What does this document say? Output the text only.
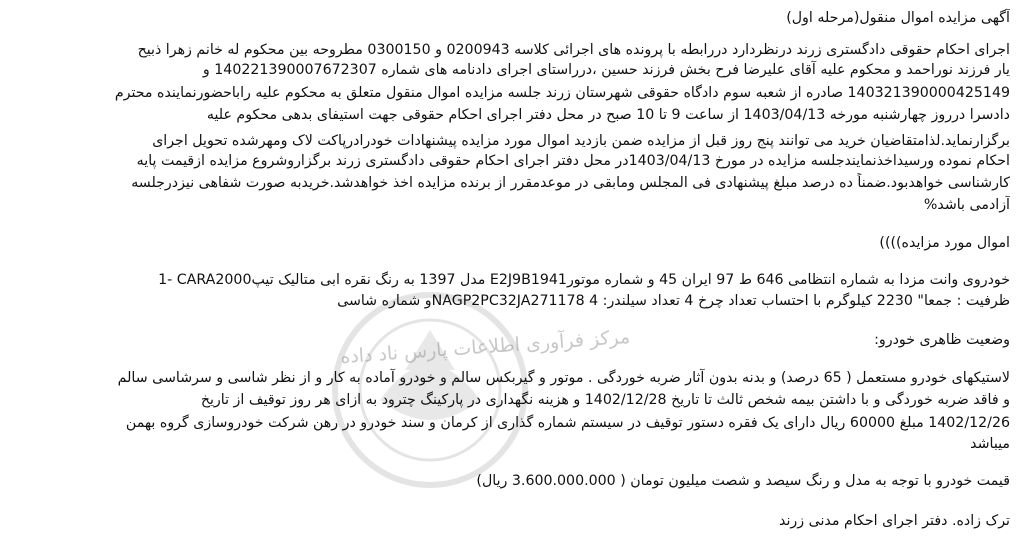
مرکز فرآوری اطلاعات پارس ناد داده
آگهی مزایده اموال منقول(مرحله اول)
اجرای احکام حقوقی دادگستری زرند درنظردارد دررابطه با پرونده های اجرائی کلاسه 0200943 و 0300150 مطروحه بین محکوم له خانم زهرا ذبیح
یار فرزند نوراحمد و محکوم علیه آقای علیرضا فرح بخش فرزند حسین ،درراستای اجرای دادنامه های شماره 140221390007672307 و
140321390000425149 صادره از شعبه سوم دادگاه حقوقی شهرستان زرند جلسه مزایده اموال منقول متعلق به محکوم علیه راباحضورنماینده محترم
دادسرا درروز چهارشنبه مورخه 1403/04/13 از ساعت 9 تا 10 صبح در محل دفتر اجرای احکام حقوقی جهت استیفای بدهی محکوم علیه
برگزارنماید.لذامتقاضیان خرید می توانند پنج روز قبل از مزایده ضمن بازدید اموال مورد مزایده پیشنهادات خودرادرپاکت لاک ومهرشده تحویل اجرای
احکام نموده ورسیداخذنمایندجلسه مزایده در مورخ 1403/04/13در محل دفتر اجرای احکام حقوقی دادگستری زرند برگزاروشروع مزایده ازقیمت پایه
کارشناسی خواهدبود.ضمناً ده درصد مبلغ پیشنهادی فی المجلس ومابقی در موعدمقرر از برنده مزایده اخذ خواهدشد.خریدبه صورت شفاهی نیزدرجلسه
آزادمی باشد%
اموال مورد مزایده))))
1- CARA2000مدل 1397 به رنگ نقره ابی متالیک تیپ E2J9B1941خودروی وانت مزدا به شماره انتظامی 646 ط 97 ایران 45 و شماره موتور
ظرفیت : جمعا" 2230 کیلوگرم با احتساب تعداد چرخ 4 تعداد سیلندر: 4 NAGP2PC32JA271178و شماره شاسی
وضعیت ظاهری خودرو:
لاستیکهای خودرو مستعمل ( 65 درصد) و بدنه بدون آثار ضربه خوردگی . موتور و گیربکس سالم و خودرو آماده به کار و از نظر شاسی و سرشاسی سالم
و فاقد ضربه خوردگی و با داشتن بیمه شخص ثالث تا تاریخ 1402/12/28 و هزینه نگهداری در پارکینگ چترود به ازای هر روز توقیف از تاریخ
1402/12/26 مبلغ 60000 ریال دارای یک فقره دستور توقیف در سیستم شماره گذاری از کرمان و سند خودرو در رهن شرکت خودروسازی گروه بهمن
میباشد
قیمت خودرو با توجه به مدل و رنگ سیصد و شصت میلیون تومان ( 3.600.000.000 ریال)
ترک زاده. دفتر اجرای احکام مدنی زرند
